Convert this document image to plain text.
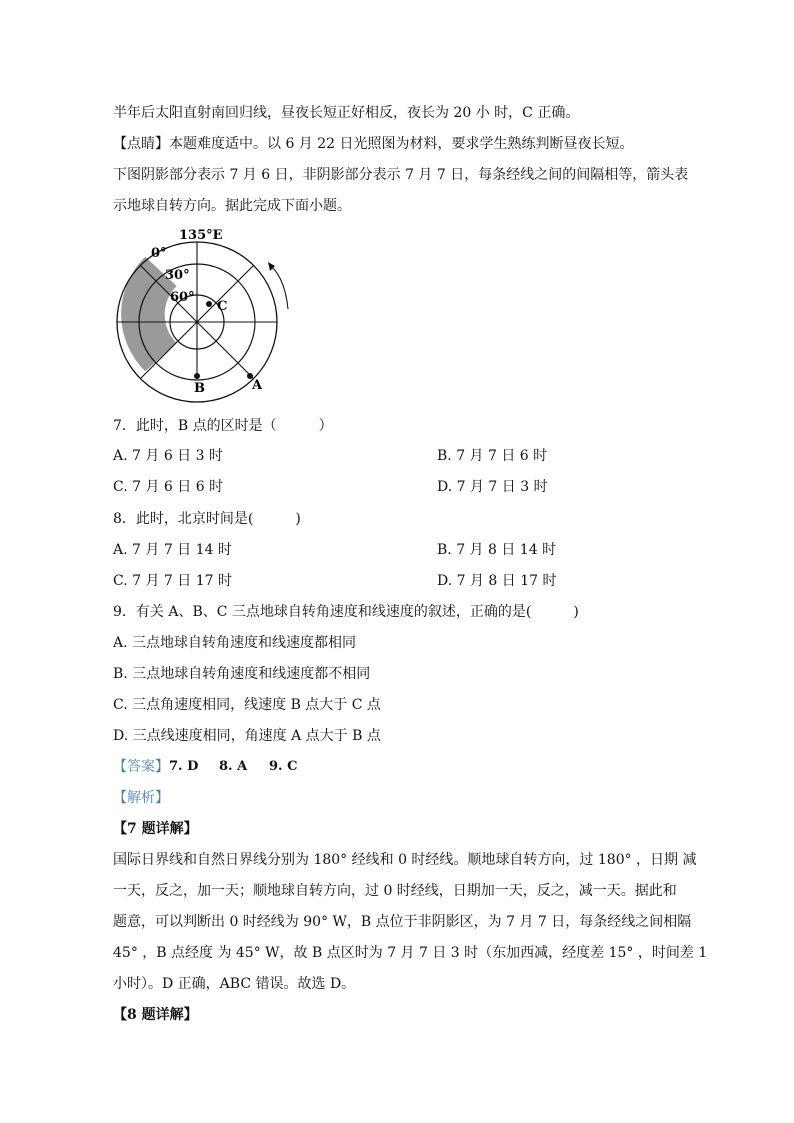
半年后太阳直射南回归线，昼夜长短正好相反，夜长为 20 小 时，C 正确。
【点睛】本题难度适中。以 6 月 22 日光照图为材料，要求学生熟练判断昼夜长短。
下图阴影部分表示 7 月 6 日，非阴影部分表示 7 月 7 日，每条经线之间的间隔相等，箭头表
示地球自转方向。据此完成下面小题。
135°E
0°
30°
60°
C
B	A
7．此时，B 点的区时是（　　　）
A. 7 月 6 日 3 时	B. 7 月 7 日 6 时
C. 7 月 6 日 6 时	D. 7 月 7 日 3 时
8．此时，北京时间是(　　　)
A. 7 月 7 日 14 时	B. 7 月 8 日 14 时
C. 7 月 7 日 17 时	D. 7 月 8 日 17 时
9．有关 A、B、C 三点地球自转角速度和线速度的叙述，正确的是(　　　)
A. 三点地球自转角速度和线速度都相同
B. 三点地球自转角速度和线速度都不相同
C. 三点角速度相同，线速度 B 点大于 C 点
D. 三点线速度相同，角速度 A 点大于 B 点
【答案】 7. D 8. A 9. C
【解析】
【7 题详解】
国际日界线和自然日界线分别为 180° 经线和 0 时经线。顺地球自转方向，过 180° ，日期 减
一天，反之，加一天；顺地球自转方向，过 0 时经线，日期加一天，反之，减一天。据此和
题意，可以判断出 0 时经线为 90° W，B 点位于非阴影区，为 7 月 7 日，每条经线之间相隔
45° ，B 点经度 为 45° W，故 B 点区时为 7 月 7 日 3 时（东加西减，经度差 15° ，时间差 1
小时）。D 正确，ABC 错误。故选 D。
【8 题详解】
